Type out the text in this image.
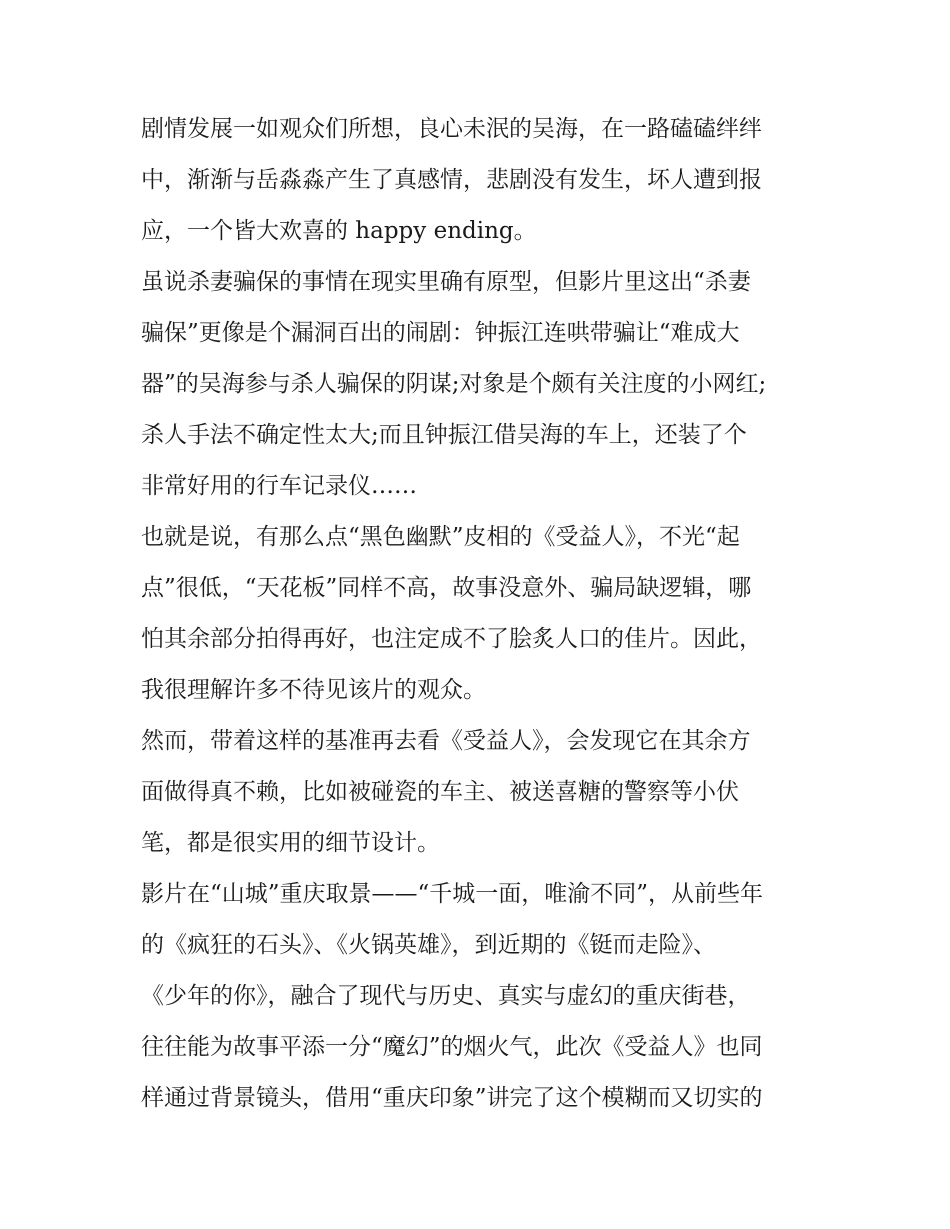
剧情发展一如观众们所想，良心未泯的吴海，在一路磕磕绊绊
中，渐渐与岳淼淼产生了真感情，悲剧没有发生，坏人遭到报
应，一个皆大欢喜的 happy ending。
虽说杀妻骗保的事情在现实里确有原型，但影片里这出“杀妻
骗保”更像是个漏洞百出的闹剧：钟振江连哄带骗让“难成大
器”的吴海参与杀人骗保的阴谋;对象是个颇有关注度的小网红;
杀人手法不确定性太大;而且钟振江借吴海的车上，还装了个
非常好用的行车记录仪……
也就是说，有那么点“黑色幽默”皮相的《受益人》，不光“起
点”很低，“天花板”同样不高，故事没意外、骗局缺逻辑，哪
怕其余部分拍得再好，也注定成不了脍炙人口的佳片。因此，
我很理解许多不待见该片的观众。
然而，带着这样的基准再去看《受益人》，会发现它在其余方
面做得真不赖，比如被碰瓷的车主、被送喜糖的警察等小伏
笔，都是很实用的细节设计。
影片在“山城”重庆取景——“千城一面，唯渝不同”，从前些年
的《疯狂的石头》、《火锅英雄》，到近期的《铤而走险》、
《少年的你》，融合了现代与历史、真实与虚幻的重庆街巷，
往往能为故事平添一分“魔幻”的烟火气，此次《受益人》也同
样通过背景镜头，借用“重庆印象”讲完了这个模糊而又切实的
